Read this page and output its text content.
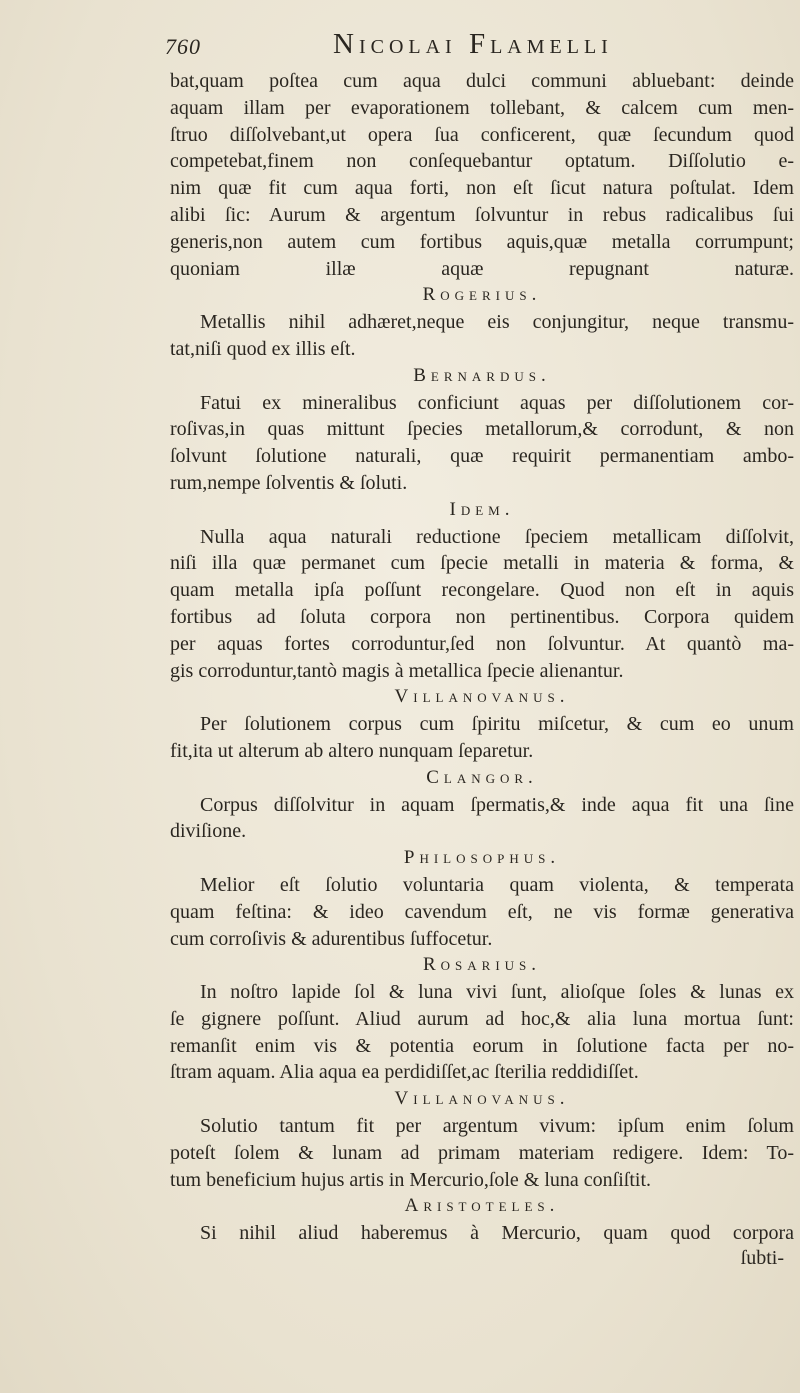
760	Nicolai Flamelli
bat,quam poſtea cum aqua dulci communi abluebant: deinde
aquam illam per evaporationem tollebant, & calcem cum men-
ſtruo diſſolvebant,ut opera ſua conficerent, quæ ſecundum quod
competebat,finem non conſequebantur optatum. Diſſolutio e-
nim quæ fit cum aqua forti, non eſt ſicut natura poſtulat. Idem
alibi ſic: Aurum & argentum ſolvuntur in rebus radicalibus ſui
generis,non autem cum fortibus aquis,quæ metalla corrumpunt;
quoniam illæ aquæ repugnant naturæ.
Rogerius.
Metallis nihil adhæret,neque eis conjungitur, neque transmu-
tat,niſi quod ex illis eſt.
Bernardus.
Fatui ex mineralibus conficiunt aquas per diſſolutionem cor-
roſivas,in quas mittunt ſpecies metallorum,& corrodunt, & non
ſolvunt ſolutione naturali, quæ requirit permanentiam ambo-
rum,nempe ſolventis & ſoluti.
Idem.
Nulla aqua naturali reductione ſpeciem metallicam diſſolvit,
niſi illa quæ permanet cum ſpecie metalli in materia & forma, &
quam metalla ipſa poſſunt recongelare. Quod non eſt in aquis
fortibus ad ſoluta corpora non pertinentibus. Corpora quidem
per aquas fortes corroduntur,ſed non ſolvuntur. At quantò ma-
gis corroduntur,tantò magis à metallica ſpecie alienantur.
Villanovanus.
Per ſolutionem corpus cum ſpiritu miſcetur, & cum eo unum
fit,ita ut alterum ab altero nunquam ſeparetur.
Clangor.
Corpus diſſolvitur in aquam ſpermatis,& inde aqua fit una ſine
diviſione.
Philosophus.
Melior eſt ſolutio voluntaria quam violenta, & temperata
quam feſtina: & ideo cavendum eſt, ne vis formæ generativa
cum corroſivis & adurentibus ſuffocetur.
Rosarius.
In noſtro lapide ſol & luna vivi ſunt, alioſque ſoles & lunas ex
ſe gignere poſſunt. Aliud aurum ad hoc,& alia luna mortua ſunt:
remanſit enim vis & potentia eorum in ſolutione facta per no-
ſtram aquam. Alia aqua ea perdidiſſet,ac ſterilia reddidiſſet.
Villanovanus.
Solutio tantum fit per argentum vivum: ipſum enim ſolum
poteſt ſolem & lunam ad primam materiam redigere. Idem: To-
tum beneficium hujus artis in Mercurio,ſole & luna conſiſtit.
Aristoteles.
Si nihil aliud haberemus à Mercurio, quam quod corpora
ſubti-
